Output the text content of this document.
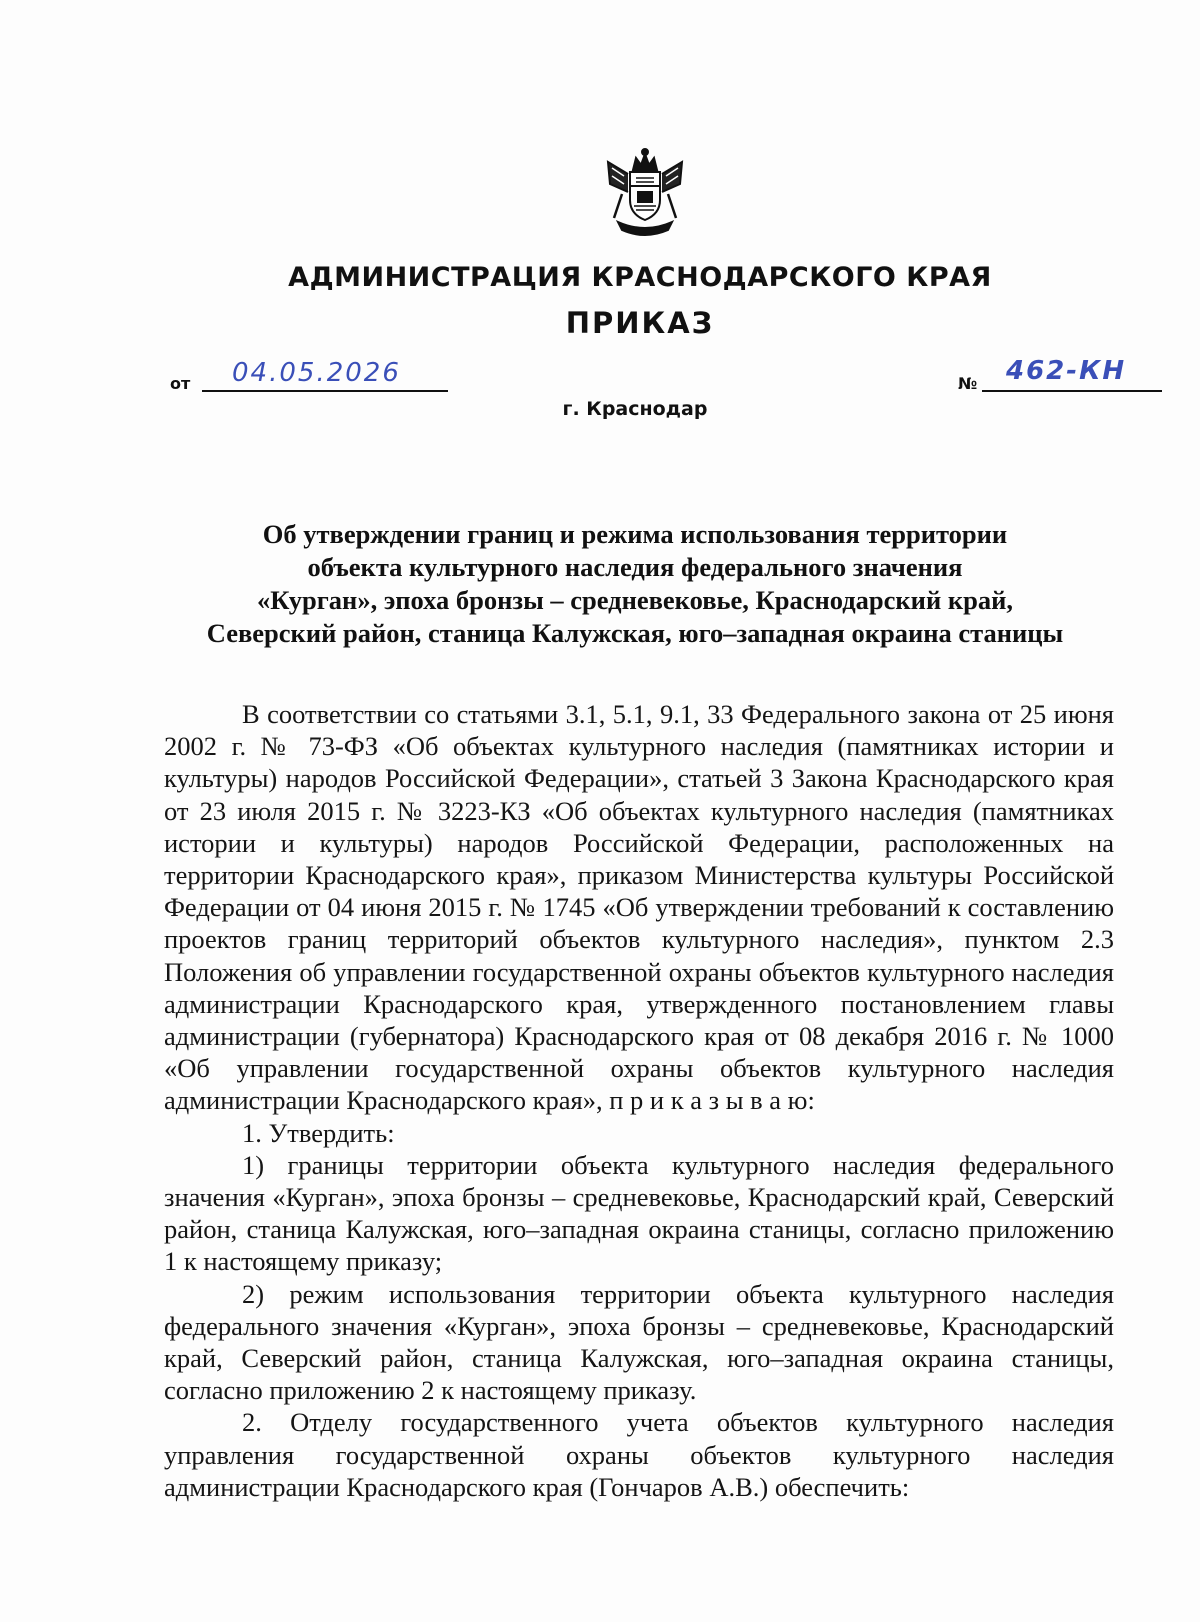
АДМИНИСТРАЦИЯ КРАСНОДАРСКОГО КРАЯ
ПРИКАЗ
от 04.05.2026	№ 462-КН
г. Краснодар
Об утверждении границ и режима использования территории
объекта культурного наследия федерального значения
«Курган», эпоха бронзы – средневековье, Краснодарский край,
Северский район, станица Калужская, юго–западная окраина станицы

В соответствии со статьями 3.1, 5.1, 9.1, 33 Федерального закона от 25 июня 2002 г. № 73-ФЗ «Об объектах культурного наследия (памятниках истории и культуры) народов Российской Федерации», статьей 3 Закона Краснодарского края от 23 июля 2015 г. № 3223-КЗ «Об объектах культурного наследия (памятниках истории и культуры) народов Российской Федерации, расположенных на территории Краснодарского края», приказом Министерства культуры Российской Федерации от 04 июня 2015 г. № 1745 «Об утверждении требований к составлению проектов границ территорий объектов культурного наследия», пунктом 2.3 Положения об управлении государственной охраны объектов культурного наследия администрации Краснодарского края, утвержденного постановлением главы администрации (губернатора) Краснодарского края от 08 декабря 2016 г. № 1000 «Об управлении государственной охраны объектов культурного наследия администрации Краснодарского края», п р и к а з ы в а ю:

1. Утвердить:

1) границы территории объекта культурного наследия федерального значения «Курган», эпоха бронзы – средневековье, Краснодарский край, Северский район, станица Калужская, юго–западная окраина станицы, согласно приложению 1 к настоящему приказу;

2) режим использования территории объекта культурного наследия федерального значения «Курган», эпоха бронзы – средневековье, Краснодарский край, Северский район, станица Калужская, юго–западная окраина станицы, согласно приложению 2 к настоящему приказу.

2. Отделу государственного учета объектов культурного наследия управления государственной охраны объектов культурного наследия администрации Краснодарского края (Гончаров А.В.) обеспечить:
